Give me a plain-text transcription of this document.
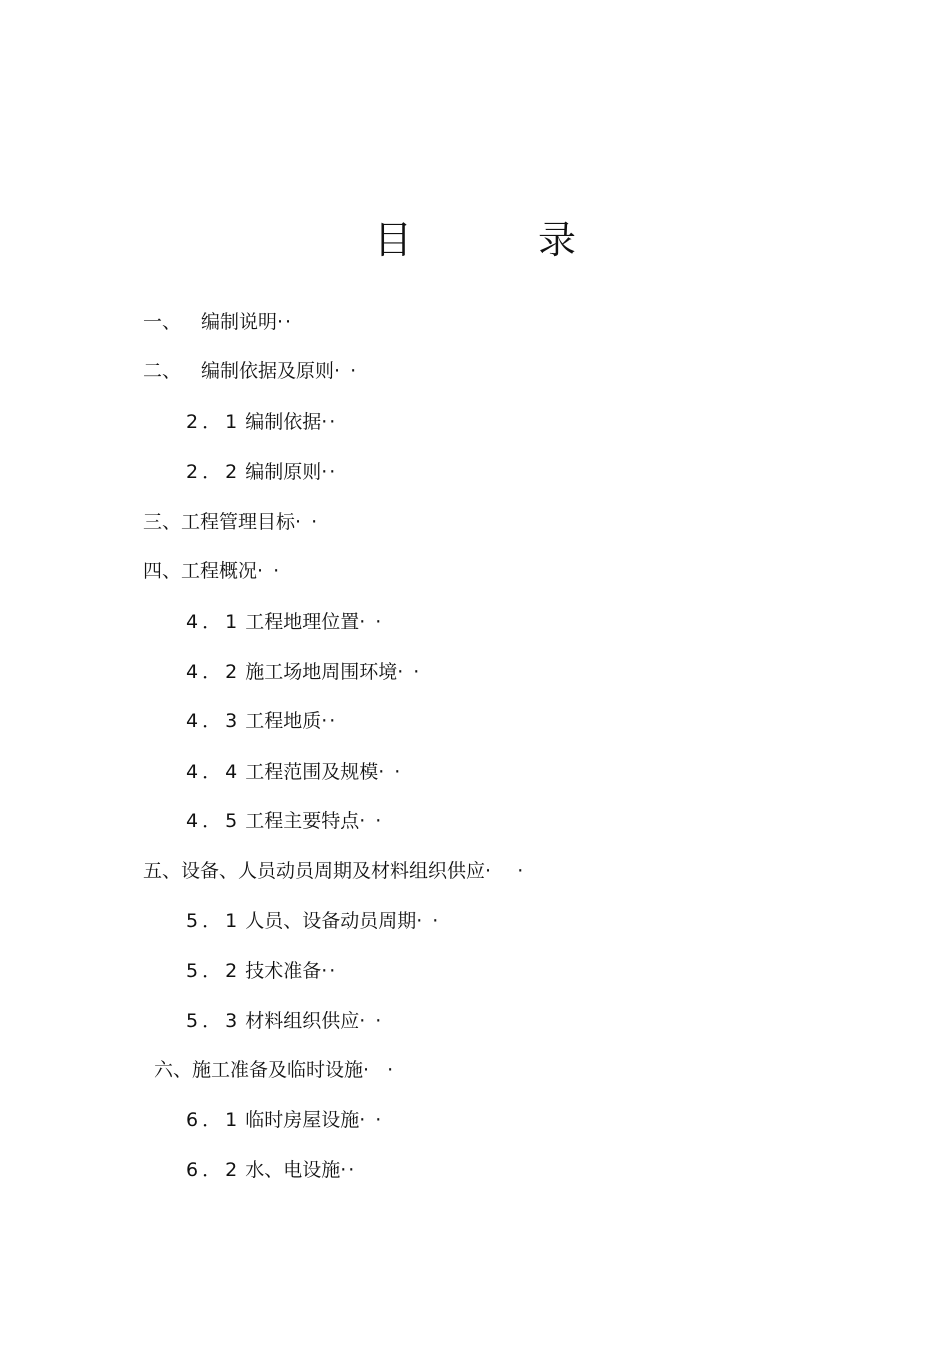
目	录
一、 编制说明··
二、 编制依据及原则· ·
2．1 编制依据··
2．2 编制原则··
三、工程管理目标· ·
四、工程概况· ·
4．1 工程地理位置· ·
4．2 施工场地周围环境· ·
4．3 工程地质··
4．4 工程范围及规模· ·
4．5 工程主要特点· ·
五、设备、人员动员周期及材料组织供应·   ·
5．1 人员、设备动员周期· ·
5．2 技术准备··
5．3 材料组织供应· ·
六、施工准备及临时设施·  ·
6．1 临时房屋设施· ·
6．2 水、电设施··
